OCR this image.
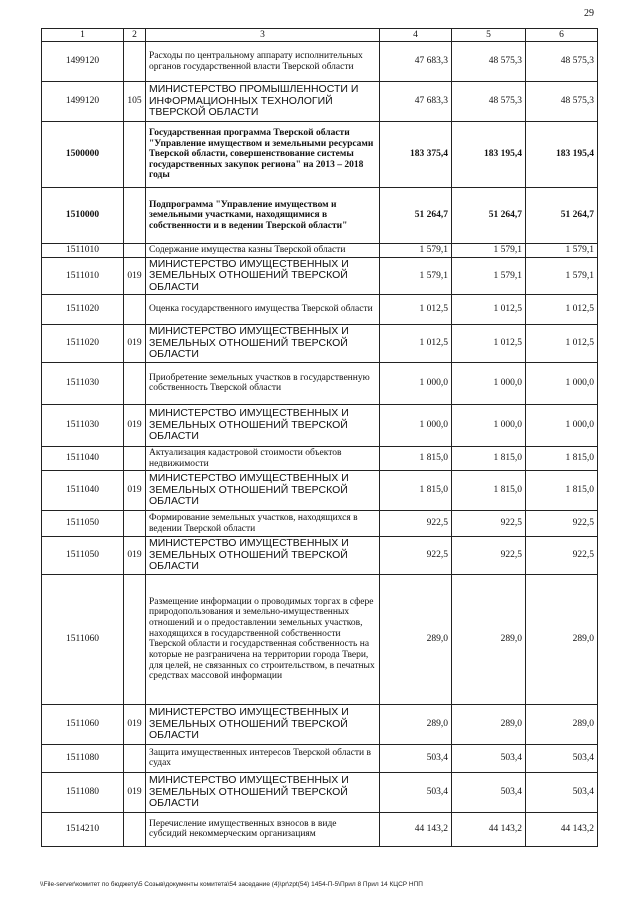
29
1	2	3	4	5	6
1499120		Расходы по центральному аппарату исполнительных органов государственной власти Тверской области	47 683,3	48 575,3	48 575,3
1499120	105	МИНИСТЕРСТВО ПРОМЫШЛЕННОСТИ И ИНФОРМАЦИОННЫХ ТЕХНОЛОГИЙ ТВЕРСКОЙ ОБЛАСТИ	47 683,3	48 575,3	48 575,3
1500000		Государственная программа Тверской области "Управление имуществом и земельными ресурсами Тверской области, совершенствование системы государственных закупок региона" на 2013 – 2018 годы	183 375,4	183 195,4	183 195,4
1510000		Подпрограмма "Управление имуществом и земельными участками, находящимися в собственности и в ведении Тверской области"	51 264,7	51 264,7	51 264,7
1511010		Содержание имущества казны Тверской области	1 579,1	1 579,1	1 579,1
1511010	019	МИНИСТЕРСТВО ИМУЩЕСТВЕННЫХ И ЗЕМЕЛЬНЫХ ОТНОШЕНИЙ ТВЕРСКОЙ ОБЛАСТИ	1 579,1	1 579,1	1 579,1
1511020		Оценка государственного имущества Тверской области	1 012,5	1 012,5	1 012,5
1511020	019	МИНИСТЕРСТВО ИМУЩЕСТВЕННЫХ И ЗЕМЕЛЬНЫХ ОТНОШЕНИЙ ТВЕРСКОЙ ОБЛАСТИ	1 012,5	1 012,5	1 012,5
1511030		Приобретение земельных участков в государственную собственность Тверской области	1 000,0	1 000,0	1 000,0
1511030	019	МИНИСТЕРСТВО ИМУЩЕСТВЕННЫХ И ЗЕМЕЛЬНЫХ ОТНОШЕНИЙ ТВЕРСКОЙ ОБЛАСТИ	1 000,0	1 000,0	1 000,0
1511040		Актуализация кадастровой стоимости объектов недвижимости	1 815,0	1 815,0	1 815,0
1511040	019	МИНИСТЕРСТВО ИМУЩЕСТВЕННЫХ И ЗЕМЕЛЬНЫХ ОТНОШЕНИЙ ТВЕРСКОЙ ОБЛАСТИ	1 815,0	1 815,0	1 815,0
1511050		Формирование земельных участков, находящихся в ведении Тверской области	922,5	922,5	922,5
1511050	019	МИНИСТЕРСТВО ИМУЩЕСТВЕННЫХ И ЗЕМЕЛЬНЫХ ОТНОШЕНИЙ ТВЕРСКОЙ ОБЛАСТИ	922,5	922,5	922,5
1511060		Размещение информации о проводимых торгах в сфере природопользования и земельно-имущественных отношений и о предоставлении земельных участков, находящихся в государственной собственности Тверской области и государственная собственность на которые не разграничена на территории города Твери, для целей, не связанных со строительством, в печатных средствах массовой информации	289,0	289,0	289,0
1511060	019	МИНИСТЕРСТВО ИМУЩЕСТВЕННЫХ И ЗЕМЕЛЬНЫХ ОТНОШЕНИЙ ТВЕРСКОЙ ОБЛАСТИ	289,0	289,0	289,0
1511080		Защита имущественных интересов Тверской области в судах	503,4	503,4	503,4
1511080	019	МИНИСТЕРСТВО ИМУЩЕСТВЕННЫХ И ЗЕМЕЛЬНЫХ ОТНОШЕНИЙ ТВЕРСКОЙ ОБЛАСТИ	503,4	503,4	503,4
1514210		Перечисление имущественных взносов в виде субсидий некоммерческим организациям	44 143,2	44 143,2	44 143,2
\\File-server\комитет по бюджету\5 Созыв\документы комитета\54 заседание (4)\pr\zpt(54) 1454-П-5\Прил 8 Прил 14 КЦСР НПП
